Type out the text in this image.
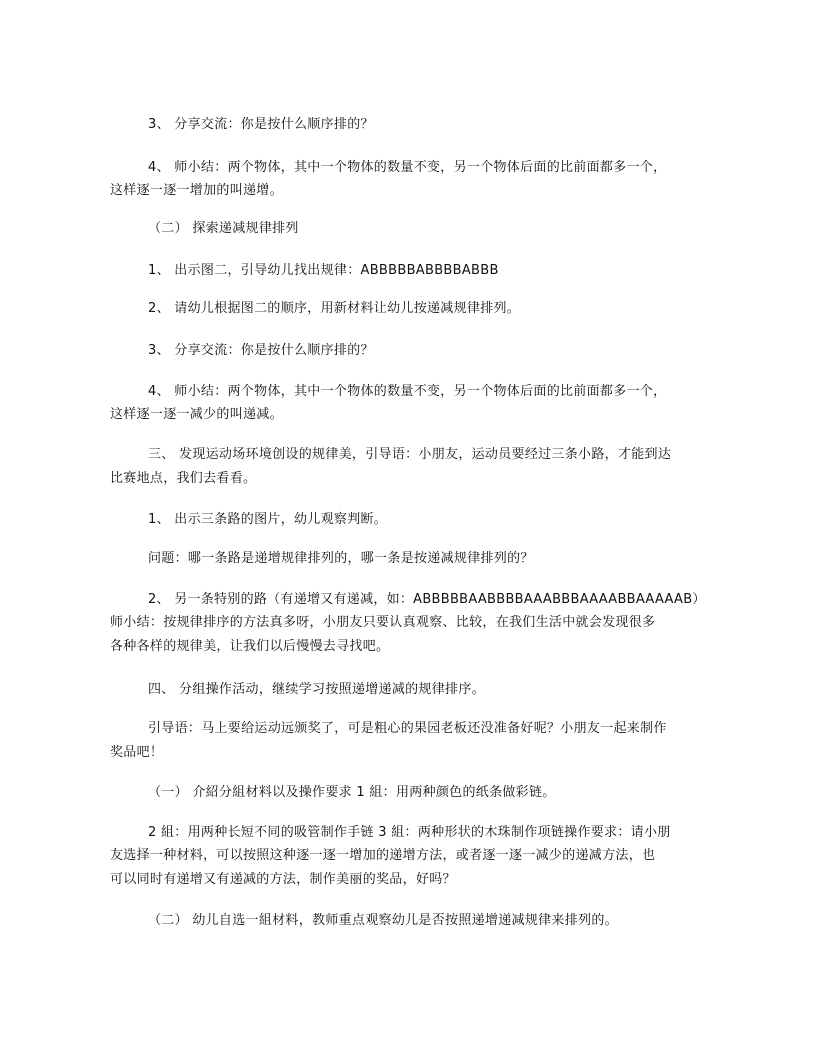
3、 分享交流：你是按什么顺序排的？
4、 师小结：两个物体，其中一个物体的数量不变，另一个物体后面的比前面都多一个，
这样逐一逐一增加的叫递增。
（二） 探索递减规律排列
1、 出示图二，引导幼儿找出规律：ABBBBBABBBBABBB
2、 请幼儿根据图二的顺序，用新材料让幼儿按递减规律排列。
3、 分享交流：你是按什么顺序排的？
4、 师小结：两个物体，其中一个物体的数量不变，另一个物体后面的比前面都多一个，
这样逐一逐一减少的叫递减。
三、 发现运动场环境创设的规律美，引导语：小朋友，运动员要经过三条小路，才能到达
比赛地点，我们去看看。
1、 出示三条路的图片，幼儿观察判断。
问题：哪一条路是递增规律排列的，哪一条是按递减规律排列的？
2、 另一条特别的路（有递增又有递减，如：ABBBBBAABBBBAAABBBAAAABBAAAAAB）
师小结：按规律排序的方法真多呀，小朋友只要认真观察、比较，在我们生活中就会发现很多
各种各样的规律美，让我们以后慢慢去寻找吧。
四、 分组操作活动，继续学习按照递增递减的规律排序。
引导语：马上要给运动远颁奖了，可是粗心的果园老板还没准备好呢？小朋友一起来制作
奖品吧！
（一） 介紹分組材料以及操作要求 1 組：用两种颜色的纸条做彩链。
2 組：用两种长短不同的吸管制作手链 3 組：两种形状的木珠制作项链操作要求：请小朋
友选择一种材料，可以按照这种逐一逐一增加的递增方法，或者逐一逐一减少的递减方法，也
可以同时有递增又有递减的方法，制作美丽的奖品，好吗？
（二） 幼儿自选一組材料，教师重点观察幼儿是否按照递增递减规律来排列的。
